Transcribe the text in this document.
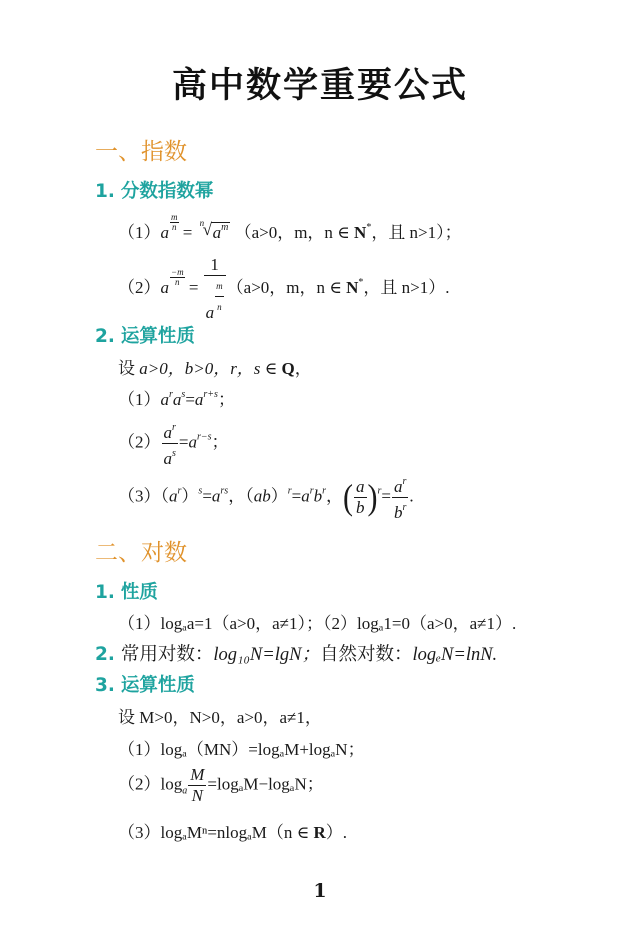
高中数学重要公式
一、指数
1. 分数指数幂
（1）a
$\frac{m}{n}$
= n
√ $a^m$ （a>0，m，n ∈ N*，且 n>1）；
（2）a
$\frac{-m}{n}$
= $\frac{1}{a \frac{m}{n}} (a>0$，m，n ∈ N*，且 n>1）.
2. 运算性质
设 a>0，b>0，r，s ∈ Q，
$(1)a^ra^s=a^{r+s}$；
$(2) \frac{a^r}{a^s} =a^{r-s}$；
$(3)(a^r)^s=a^{rs}$，$(ab)^r=a^rb^r$，( $\frac{a}{b} )^r= \frac{a^r}{b^r}$ .
二、对数
1. 性质
（1）logₐa=1（a>0，a≠1）；（2）logₐ1=0（a>0，a≠1）.
2. 常用对数：log₁₀N=lgN；自然对数：logₑN=lnN.
3. 运算性质
设 M>0，N>0，a>0，a≠1，
（1）logₐ（MN）=logₐM+logₐN；
$(2)\log_a \frac{M}{N} =\log_aM-\log_aN$；
（3）logₐMⁿ=nlogₐM（n ∈ R）.
1
